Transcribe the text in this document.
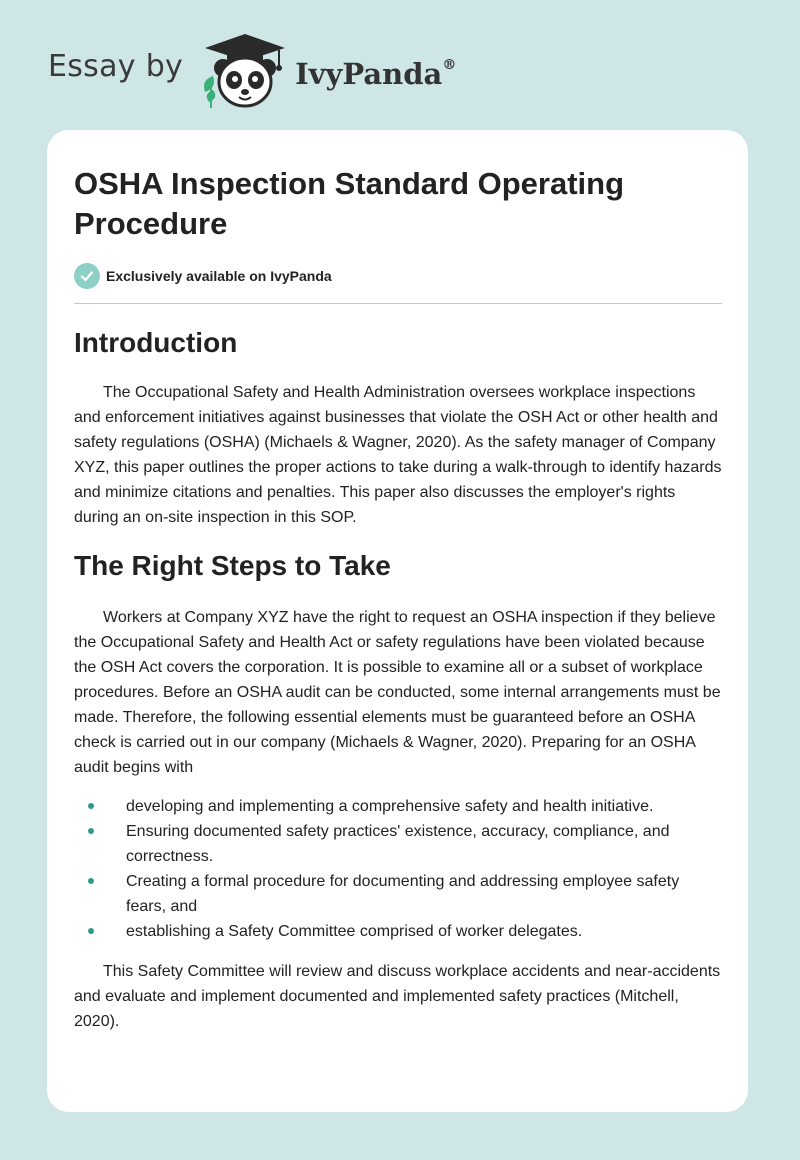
Essay by	IvyPanda®
OSHA Inspection Standard Operating Procedure
Exclusively available on IvyPanda
Introduction

The Occupational Safety and Health Administration oversees workplace inspections and enforcement initiatives against businesses that violate the OSH Act or other health and safety regulations (OSHA) (Michaels & Wagner, 2020). As the safety manager of Company XYZ, this paper outlines the proper actions to take during a walk-through to identify hazards and minimize citations and penalties. This paper also discusses the employer's rights during an on-site inspection in this SOP.

The Right Steps to Take

Workers at Company XYZ have the right to request an OSHA inspection if they believe the Occupational Safety and Health Act or safety regulations have been violated because the OSH Act covers the corporation. It is possible to examine all or a subset of workplace procedures. Before an OSHA audit can be conducted, some internal arrangements must be made. Therefore, the following essential elements must be guaranteed before an OSHA check is carried out in our company (Michaels & Wagner, 2020). Preparing for an OSHA audit begins with

developing and implementing a comprehensive safety and health initiative.
Ensuring documented safety practices' existence, accuracy, compliance, and correctness.
Creating a formal procedure for documenting and addressing employee safety fears, and
establishing a Safety Committee comprised of worker delegates.

This Safety Committee will review and discuss workplace accidents and near-accidents and evaluate and implement documented and implemented safety practices (Mitchell, 2020).
